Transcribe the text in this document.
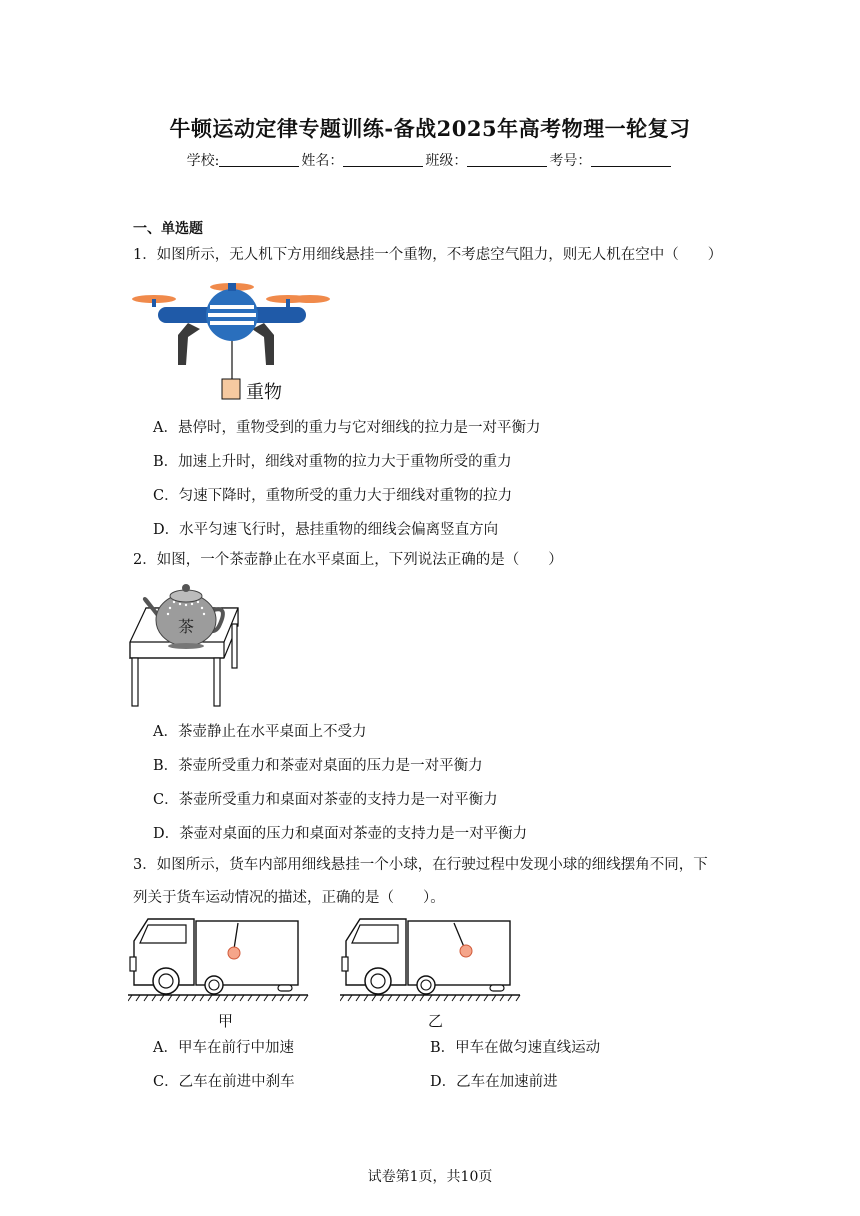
牛顿运动定律专题训练-备战2025年高考物理一轮复习
学校:	姓名：	班级：	考号：
一、单选题
1．如图所示，无人机下方用细线悬挂一个重物，不考虑空气阻力，则无人机在空中（　　）
重物
A．悬停时，重物受到的重力与它对细线的拉力是一对平衡力
B．加速上升时，细线对重物的拉力大于重物所受的重力
C．匀速下降时，重物所受的重力大于细线对重物的拉力
D．水平匀速飞行时，悬挂重物的细线会偏离竖直方向
2．如图，一个茶壶静止在水平桌面上，下列说法正确的是（　　）
茶
A．茶壶静止在水平桌面上不受力
B．茶壶所受重力和茶壶对桌面的压力是一对平衡力
C．茶壶所受重力和桌面对茶壶的支持力是一对平衡力
D．茶壶对桌面的压力和桌面对茶壶的支持力是一对平衡力
3．如图所示，货车内部用细线悬挂一个小球，在行驶过程中发现小球的细线摆角不同，下
列关于货车运动情况的描述，正确的是（　　）。
甲	乙
A．甲车在前行中加速	B．甲车在做匀速直线运动
C．乙车在前进中刹车	D．乙车在加速前进
试卷第1页，共10页
